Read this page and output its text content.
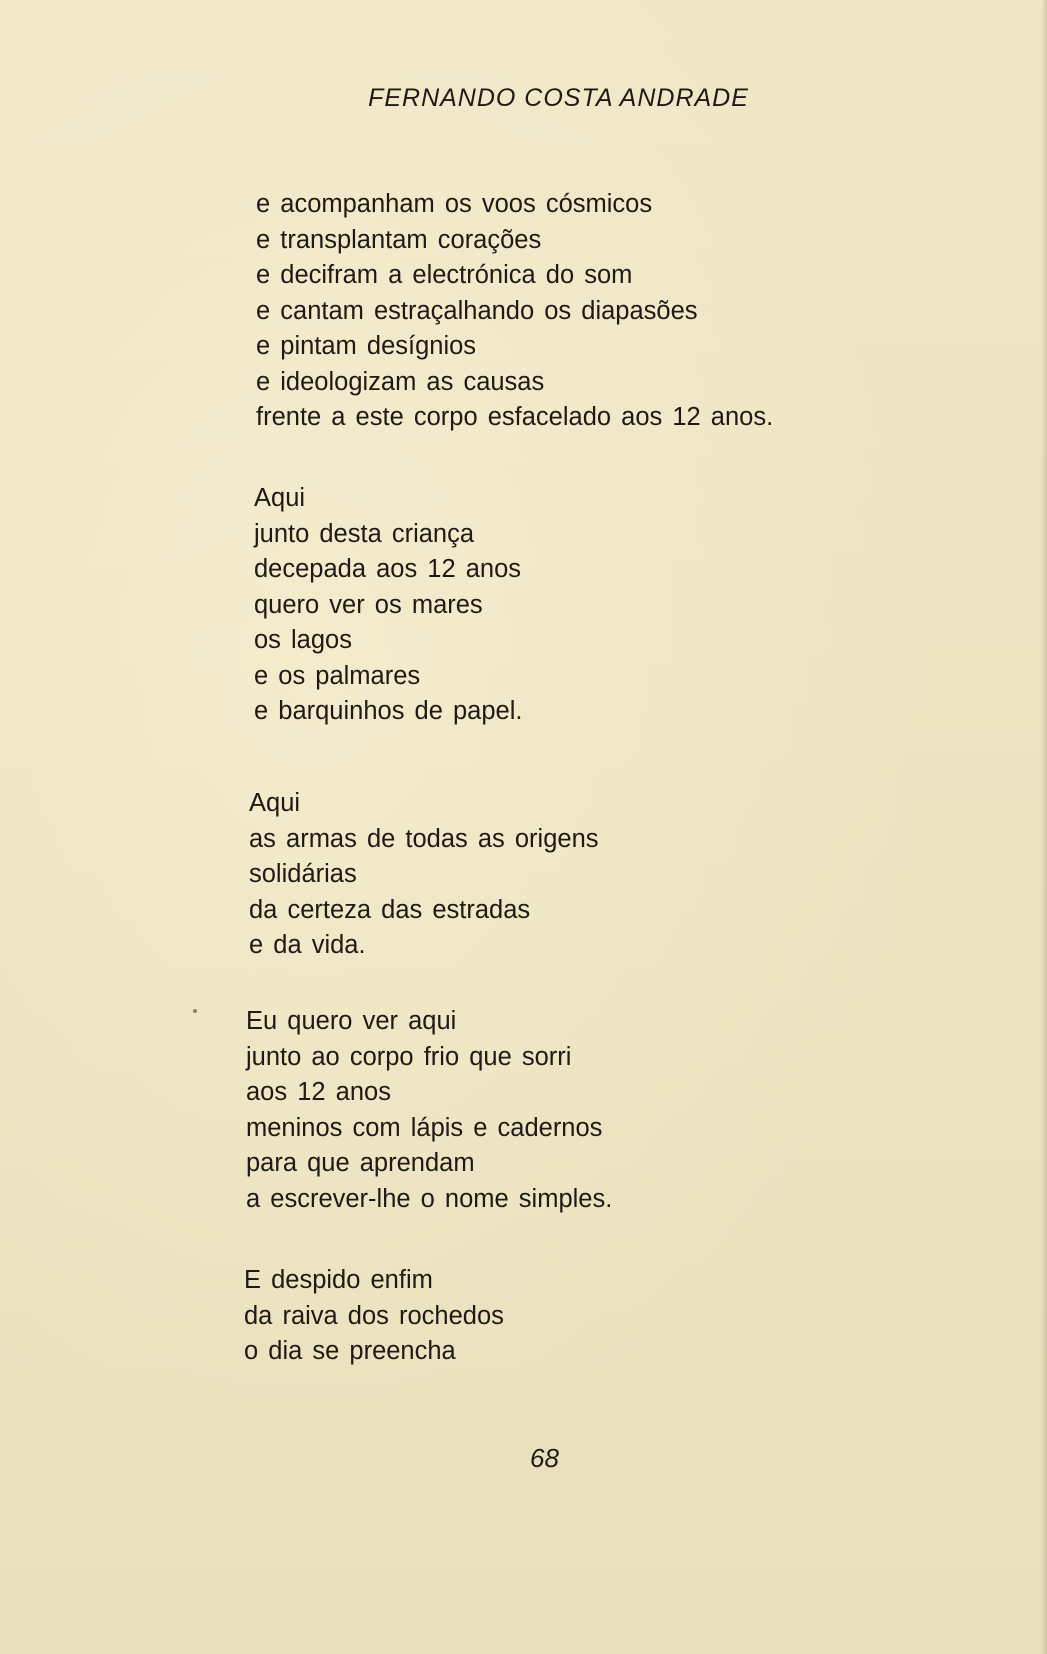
FERNANDO COSTA ANDRADE
e acompanham os voos cósmicos
e transplantam corações
e decifram a electrónica do som
e cantam estraçalhando os diapasões
e pintam desígnios
e ideologizam as causas
frente a este corpo esfacelado aos 12 anos.
Aqui
junto desta criança
decepada aos 12 anos
quero ver os mares
os lagos
e os palmares
e barquinhos de papel.
Aqui
as armas de todas as origens
solidárias
da certeza das estradas
e da vida.
Eu quero ver aqui
junto ao corpo frio que sorri
aos 12 anos
meninos com lápis e cadernos
para que aprendam
a escrever-lhe o nome simples.
E despido enfim
da raiva dos rochedos
o dia se preencha
68
